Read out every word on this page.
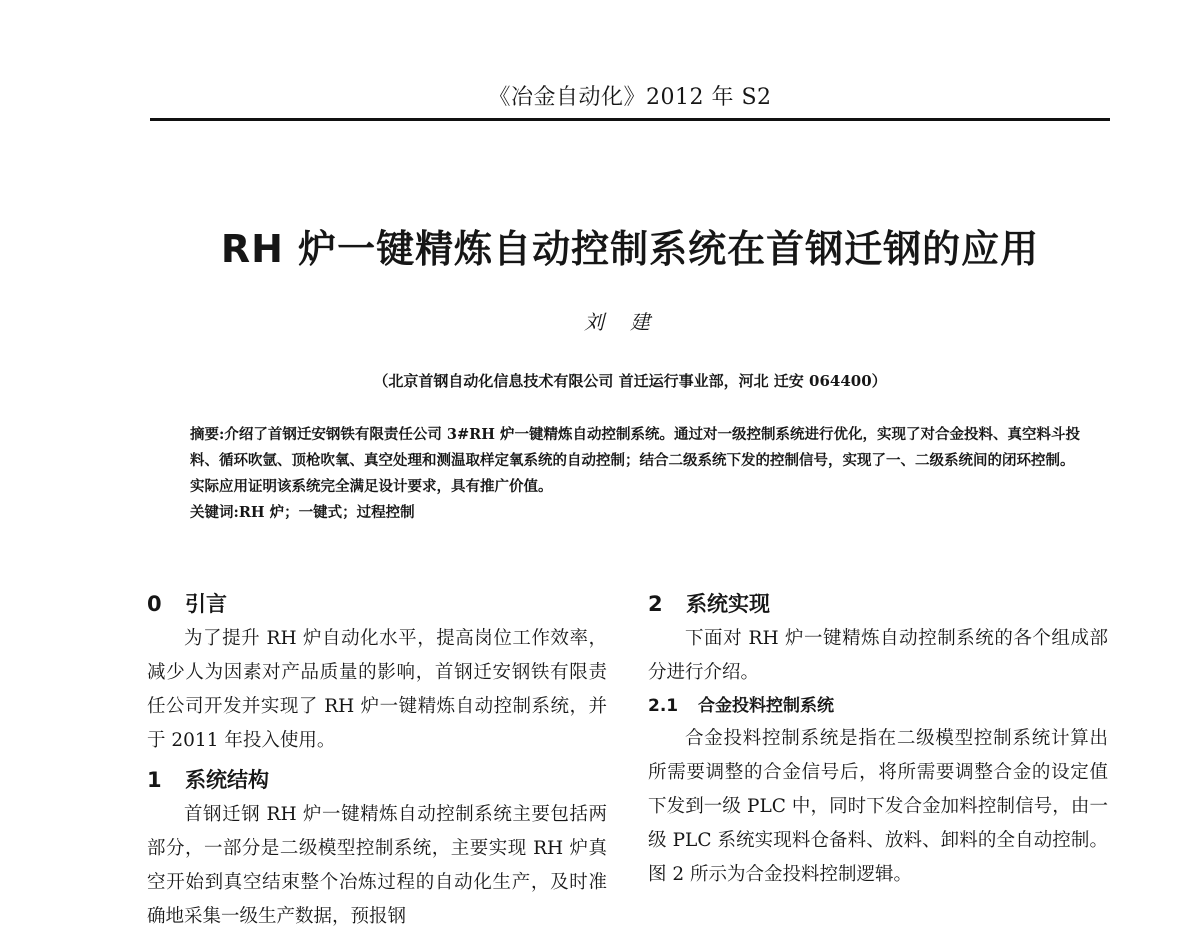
《冶金自动化》2012 年 S2
RH 炉一键精炼自动控制系统在首钢迁钢的应用
刘建
（北京首钢自动化信息技术有限公司 首迁运行事业部，河北 迁安 064400）

摘要:介绍了首钢迁安钢铁有限责任公司 3#RH 炉一键精炼自动控制系统。通过对一级控制系统进行优化，实现了对合金投料、真空料斗投料、循环吹氩、顶枪吹氧、真空处理和测温取样定氧系统的自动控制；结合二级系统下发的控制信号，实现了一、二级系统间的闭环控制。实际应用证明该系统完全满足设计要求，具有推广价值。

关键词:RH 炉；一键式；过程控制

0 引言

为了提升 RH 炉自动化水平，提高岗位工作效率，减少人为因素对产品质量的影响，首钢迁安钢铁有限责任公司开发并实现了 RH 炉一键精炼自动控制系统，并于 2011 年投入使用。

1 系统结构

首钢迁钢 RH 炉一键精炼自动控制系统主要包括两部分，一部分是二级模型控制系统，主要实现 RH 炉真空开始到真空结束整个冶炼过程的自动化生产，及时准确地采集一级生产数据，预报钢

2 系统实现

下面对 RH 炉一键精炼自动控制系统的各个组成部分进行介绍。

2.1 合金投料控制系统

合金投料控制系统是指在二级模型控制系统计算出所需要调整的合金信号后，将所需要调整合金的设定值下发到一级 PLC 中，同时下发合金加料控制信号，由一级 PLC 系统实现料仓备料、放料、卸料的全自动控制。图 2 所示为合金投料控制逻辑。
